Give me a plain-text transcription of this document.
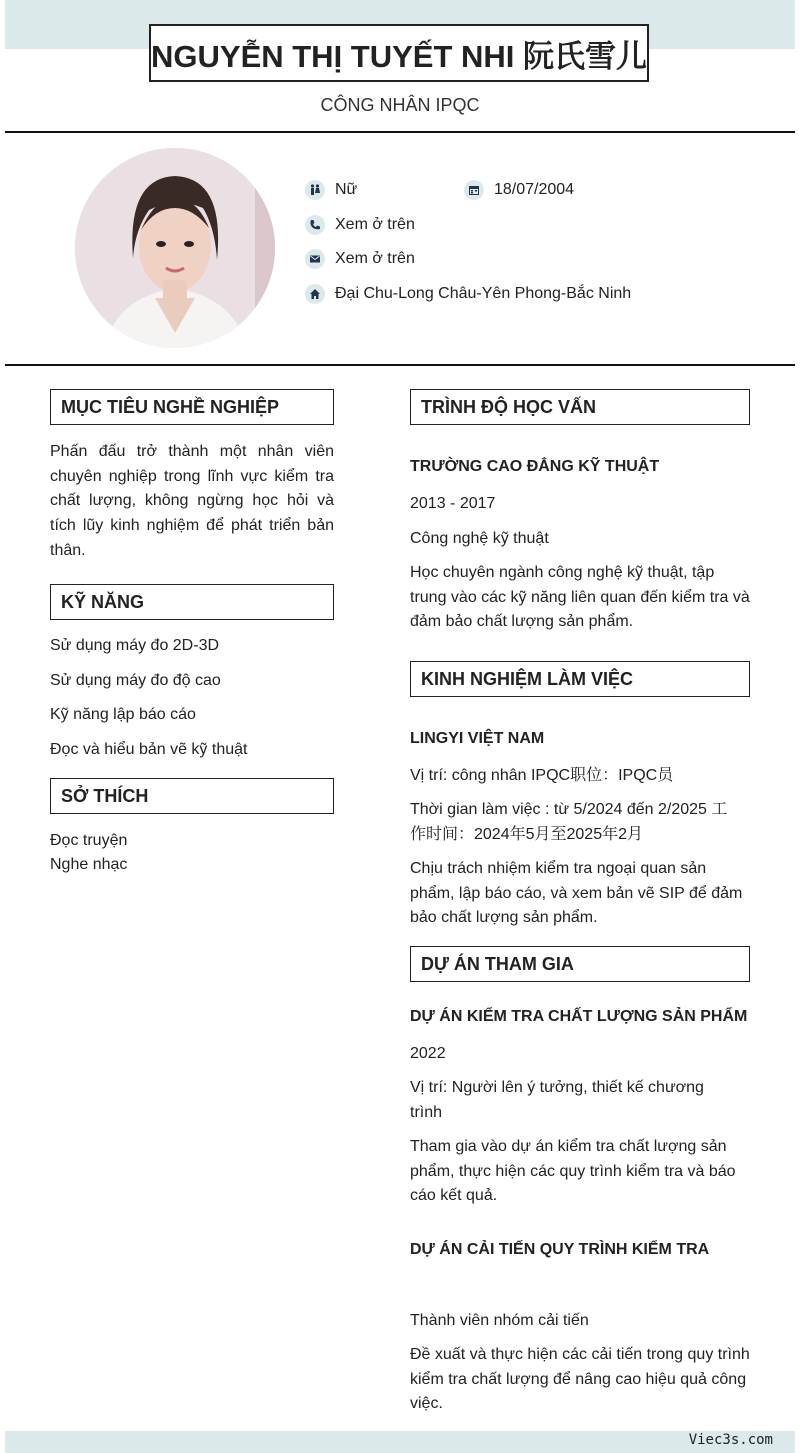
NGUYỄN THỊ TUYẾT NHI 阮氏雪儿
CÔNG NHÂN IPQC
Nữ	18/07/2004
Xem ở trên
Xem ở trên
Đại Chu-Long Châu-Yên Phong-Bắc Ninh
MỤC TIÊU NGHỀ NGHIỆP
Phấn đấu trở thành một nhân viên chuyên nghiệp trong lĩnh vực kiểm tra chất lượng, không ngừng học hỏi và tích lũy kinh nghiệm để phát triển bản thân.
KỸ NĂNG
Sử dụng máy đo 2D-3D
Sử dụng máy đo độ cao
Kỹ năng lập báo cáo
Đọc và hiểu bản vẽ kỹ thuật
SỞ THÍCH
Đọc truyện
Nghe nhạc
TRÌNH ĐỘ HỌC VẤN
TRƯỜNG CAO ĐẲNG KỸ THUẬT
2013 - 2017
Công nghệ kỹ thuật
Học chuyên ngành công nghệ kỹ thuật, tập trung vào các kỹ năng liên quan đến kiểm tra và đảm bảo chất lượng sản phẩm.
KINH NGHIỆM LÀM VIỆC
LINGYI VIỆT NAM
Vị trí: công nhân IPQC职位：IPQC员
Thời gian làm việc : từ 5/2024 đến 2/2025 工作时间：2024年5月至2025年2月
Chịu trách nhiệm kiểm tra ngoại quan sản phẩm, lập báo cáo, và xem bản vẽ SIP để đảm bảo chất lượng sản phẩm.
DỰ ÁN THAM GIA
DỰ ÁN KIỂM TRA CHẤT LƯỢNG SẢN PHẨM
2022
Vị trí: Người lên ý tưởng, thiết kế chương trình
Tham gia vào dự án kiểm tra chất lượng sản phẩm, thực hiện các quy trình kiểm tra và báo cáo kết quả.
DỰ ÁN CẢI TIẾN QUY TRÌNH KIỂM TRA
Thành viên nhóm cải tiến
Đề xuất và thực hiện các cải tiến trong quy trình kiểm tra chất lượng để nâng cao hiệu quả công việc.
Viec3s.com
